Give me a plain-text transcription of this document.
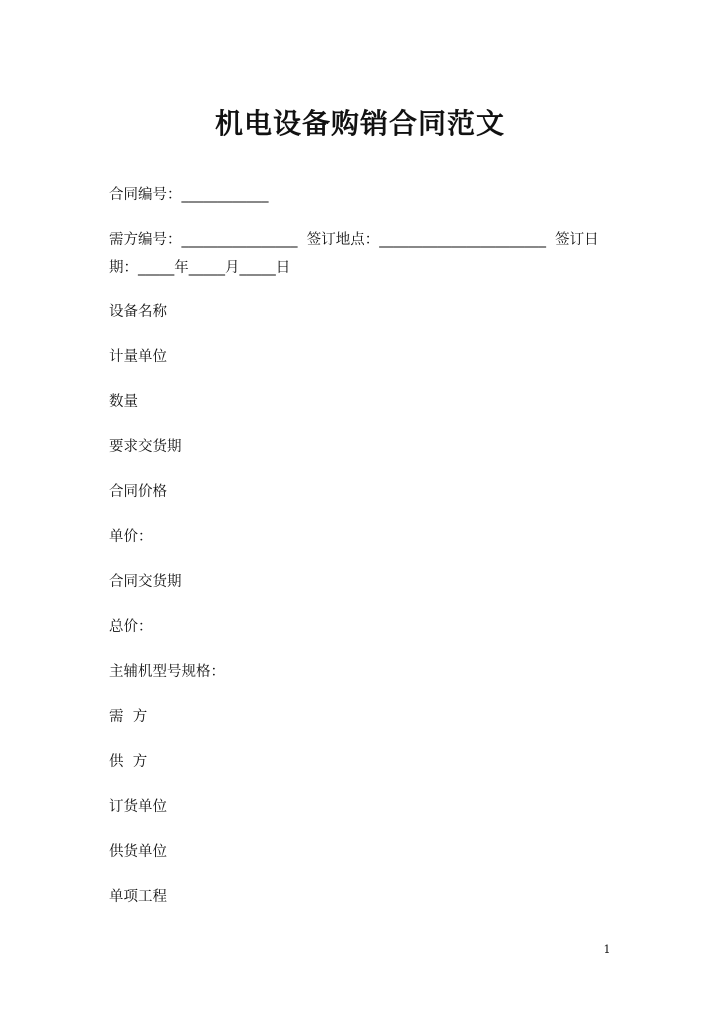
机电设备购销合同范文
合同编号：____________
需方编号：________________  签订地点：_______________________  签订日
期：_____年_____月_____日
设备名称
计量单位
数量
要求交货期
合同价格
单价：
合同交货期
总价：
主辅机型号规格：
需  方
供  方
订货单位
供货单位
单项工程
1
